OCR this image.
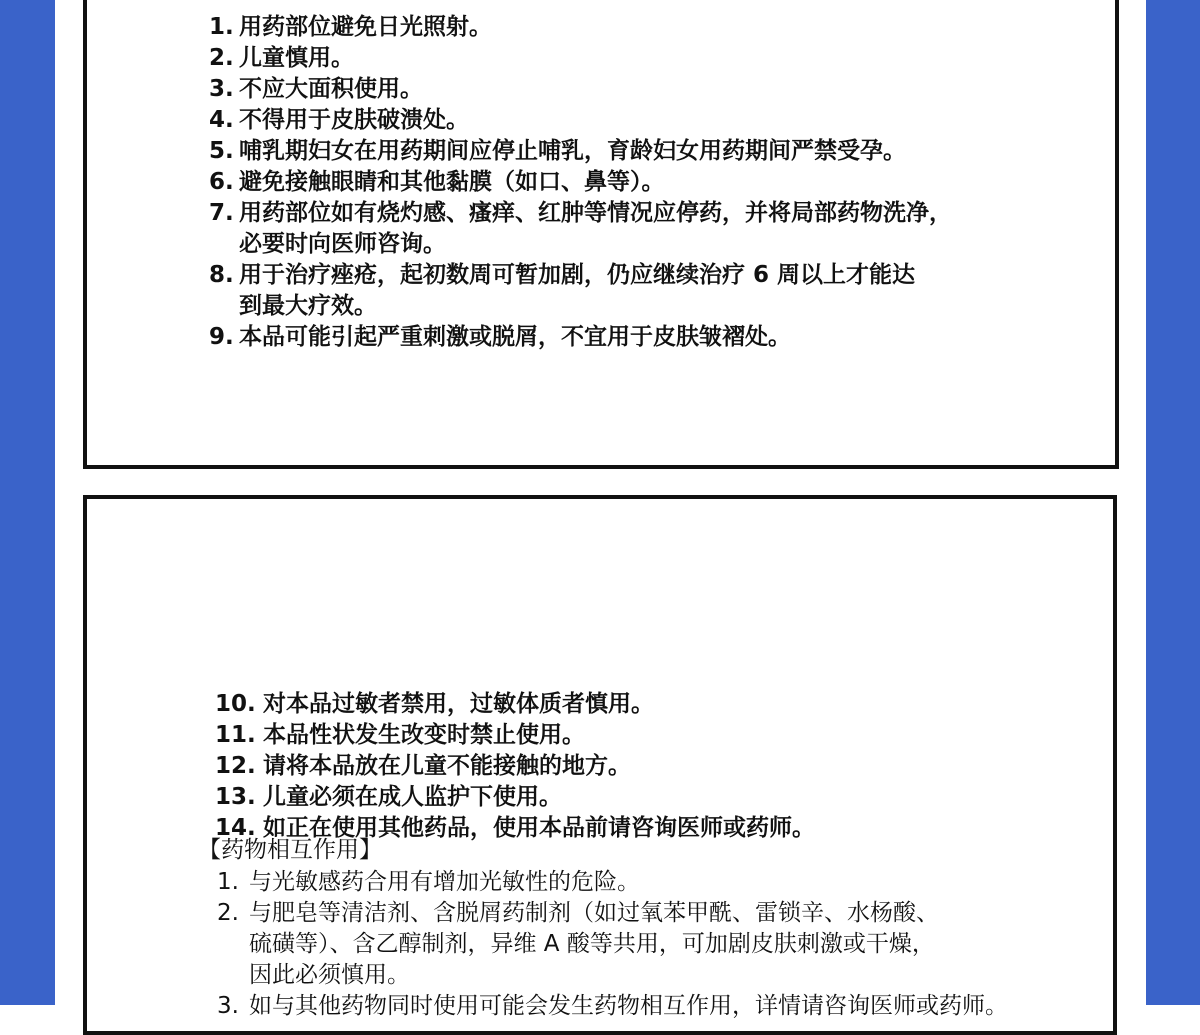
1. 用药部位避免日光照射。
2. 儿童慎用。
3. 不应大面积使用。
4. 不得用于皮肤破溃处。
5. 哺乳期妇女在用药期间应停止哺乳，育龄妇女用药期间严禁受孕。
6. 避免接触眼睛和其他黏膜（如口、鼻等）。
7. 用药部位如有烧灼感、瘙痒、红肿等情况应停药，并将局部药物洗净，
必要时向医师咨询。
8. 用于治疗痤疮，起初数周可暂加剧，仍应继续治疗 6 周以上才能达
到最大疗效。
9. 本品可能引起严重刺激或脱屑，不宜用于皮肤皱褶处。
10. 对本品过敏者禁用，过敏体质者慎用。
11. 本品性状发生改变时禁止使用。
12. 请将本品放在儿童不能接触的地方。
13. 儿童必须在成人监护下使用。
14. 如正在使用其他药品，使用本品前请咨询医师或药师。
【药物相互作用】
1. 与光敏感药合用有增加光敏性的危险。
2. 与肥皂等清洁剂、含脱屑药制剂（如过氧苯甲酰、雷锁辛、水杨酸、
硫磺等）、含乙醇制剂，异维 A 酸等共用，可加剧皮肤刺激或干燥，
因此必须慎用。
3. 如与其他药物同时使用可能会发生药物相互作用，详情请咨询医师或药师。
